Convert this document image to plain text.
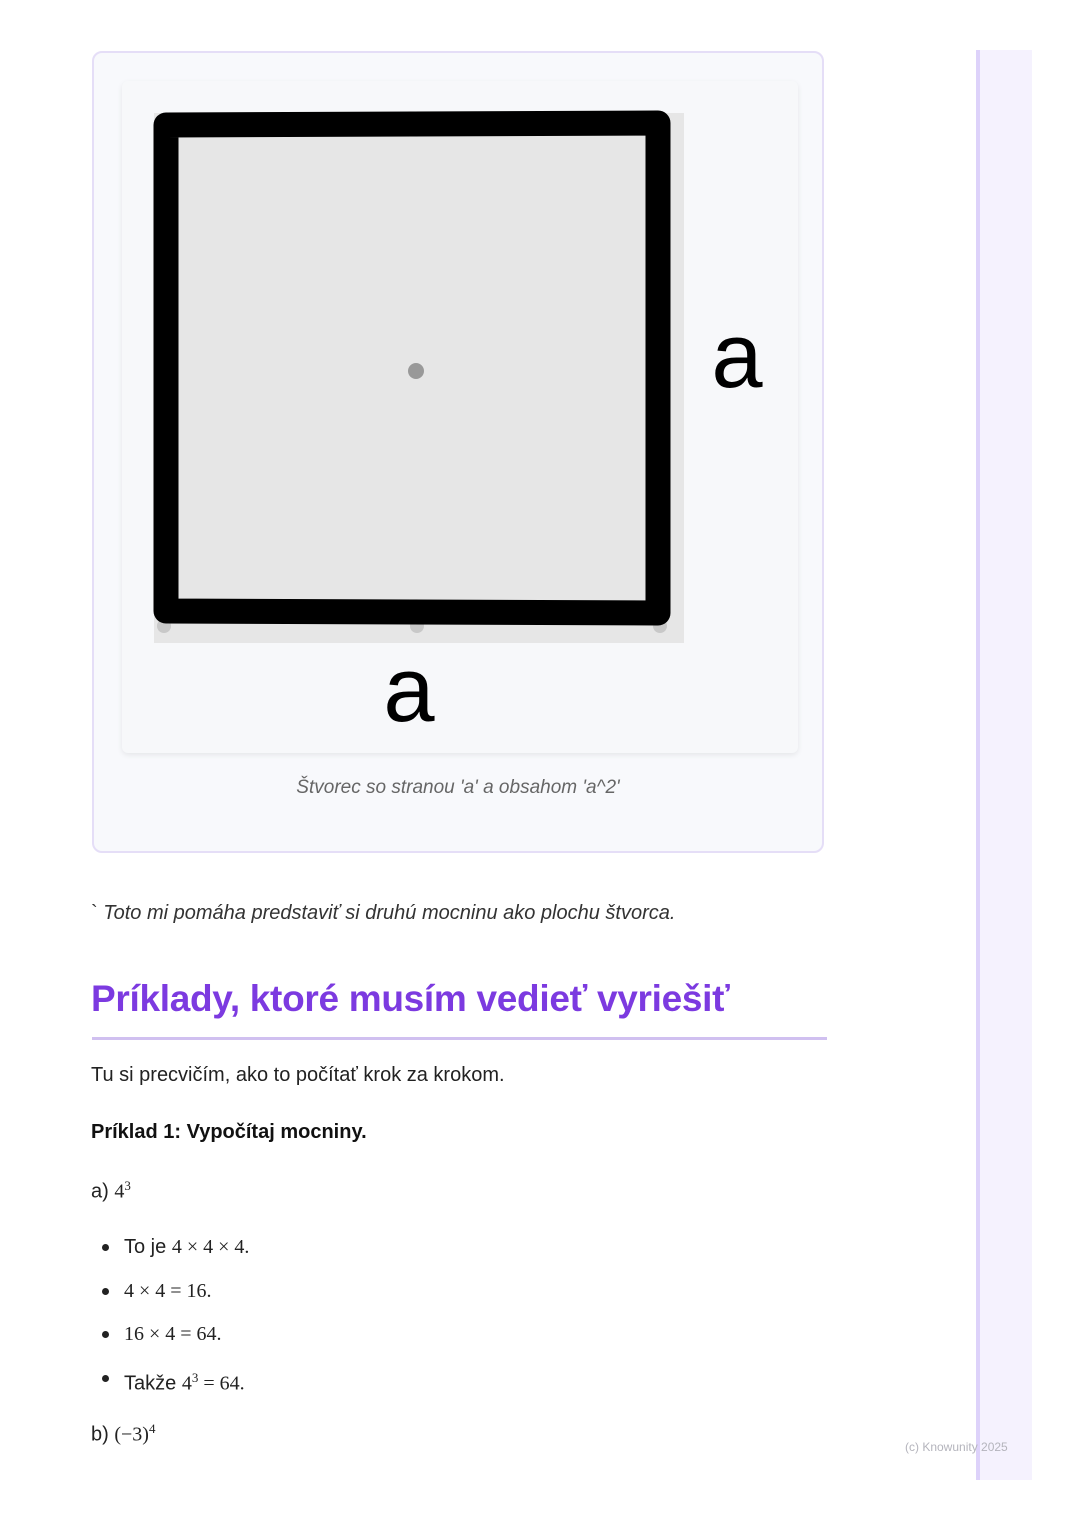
a
a
Štvorec so stranou 'a' a obsahom 'a^2'
` Toto mi pomáha predstaviť si druhú mocninu ako plochu štvorca.
Príklady, ktoré musím vedieť vyriešiť
Tu si precvičím, ako to počítať krok za krokom.
Príklad 1: Vypočítaj mocniny.
a) $4^3$
To je 4 × 4 × 4.
4 × 4 = 16.
16 × 4 = 64.
Takže $4^3 = 64$.
b) $(-3)^4$
(c) Knowunity 2025
